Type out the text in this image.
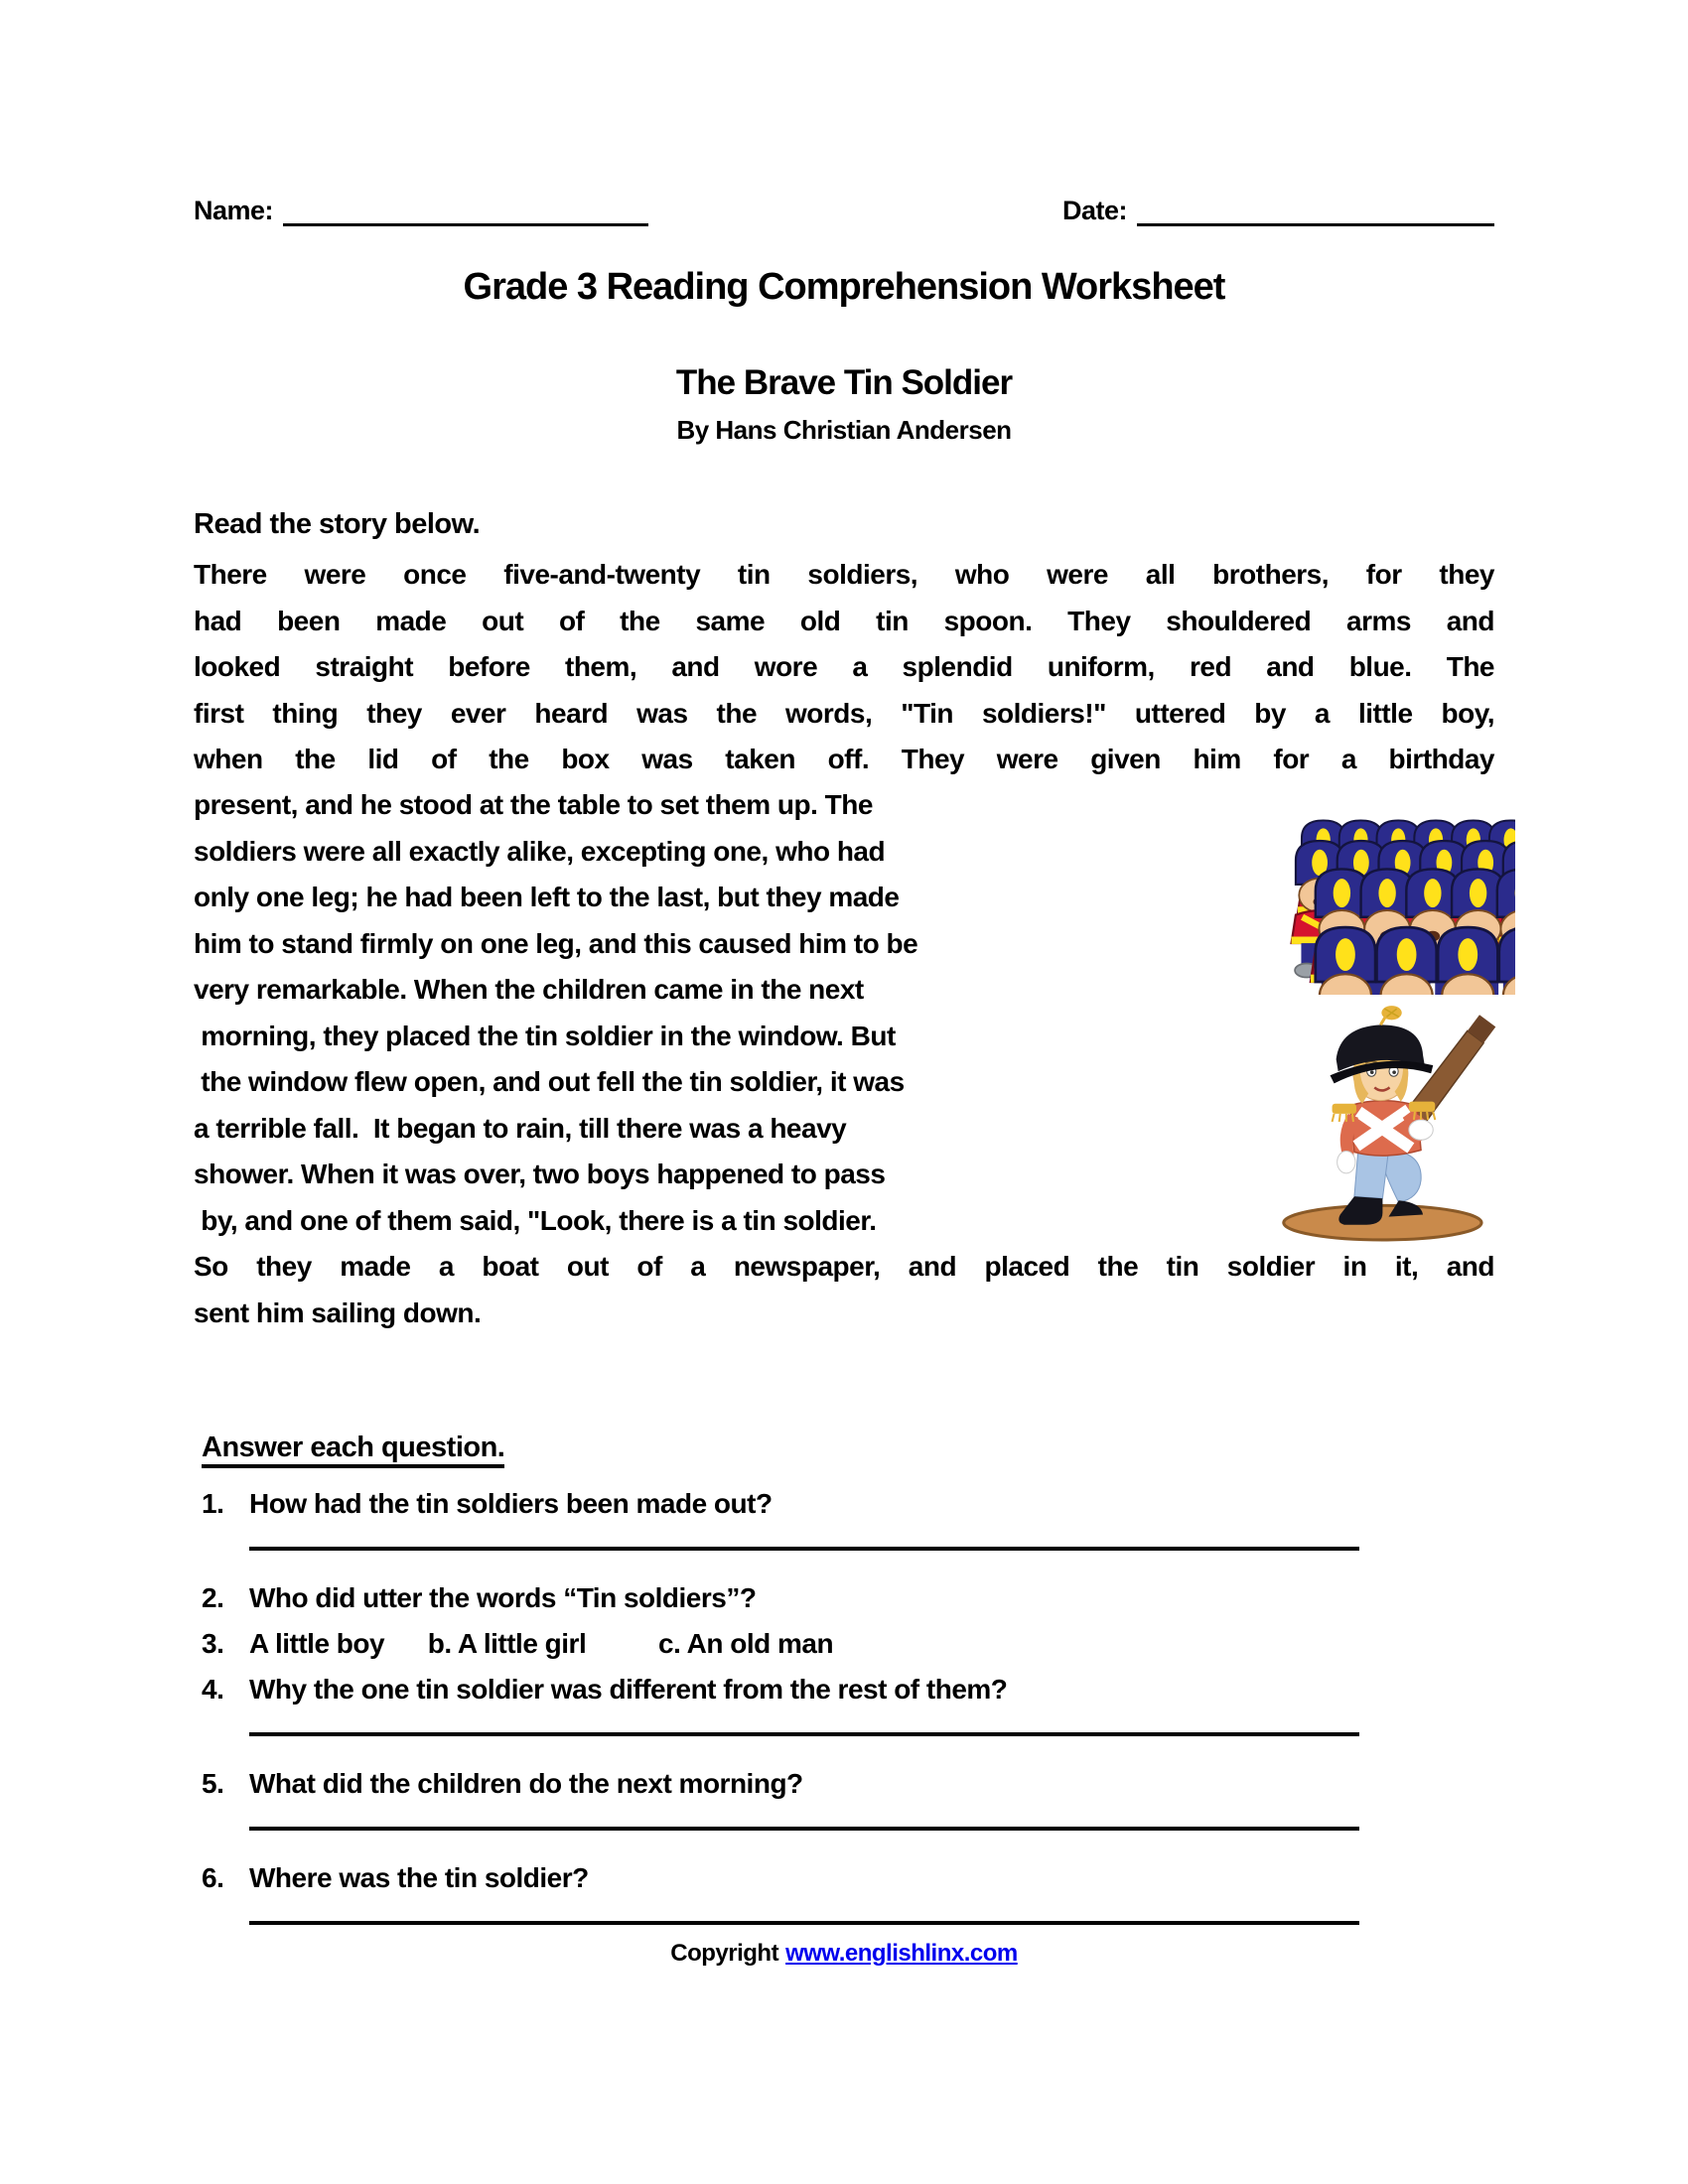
Name:	Date:
Grade 3 Reading Comprehension Worksheet
The Brave Tin Soldier
By Hans Christian Andersen
Read the story below.
There were once five-and-twenty tin soldiers, who were all brothers, for they
had been made out of the same old tin spoon. They shouldered arms and
looked straight before them, and wore a splendid uniform, red and blue. The
first thing they ever heard was the words, "Tin soldiers!" uttered by a little boy,
when the lid of the box was taken off. They were given him for a birthday
present, and he stood at the table to set them up. The
soldiers were all exactly alike, excepting one, who had
only one leg; he had been left to the last, but they made
him to stand firmly on one leg, and this caused him to be
very remarkable. When the children came in the next
morning, they placed the tin soldier in the window. But
the window flew open, and out fell the tin soldier, it was
a terrible fall.  It began to rain, till there was a heavy
shower. When it was over, two boys happened to pass
by, and one of them said, "Look, there is a tin soldier.
So they made a boat out of a newspaper, and placed the tin soldier in it, and
sent him sailing down.
Answer each question.
1. How had the tin soldiers been made out?
2. Who did utter the words “Tin soldiers”?
3. A little boy      b. A little girl          c. An old man
4. Why the one tin soldier was different from the rest of them?
5. What did the children do the next morning?
6. Where was the tin soldier?
Copyright www.englishlinx.com
